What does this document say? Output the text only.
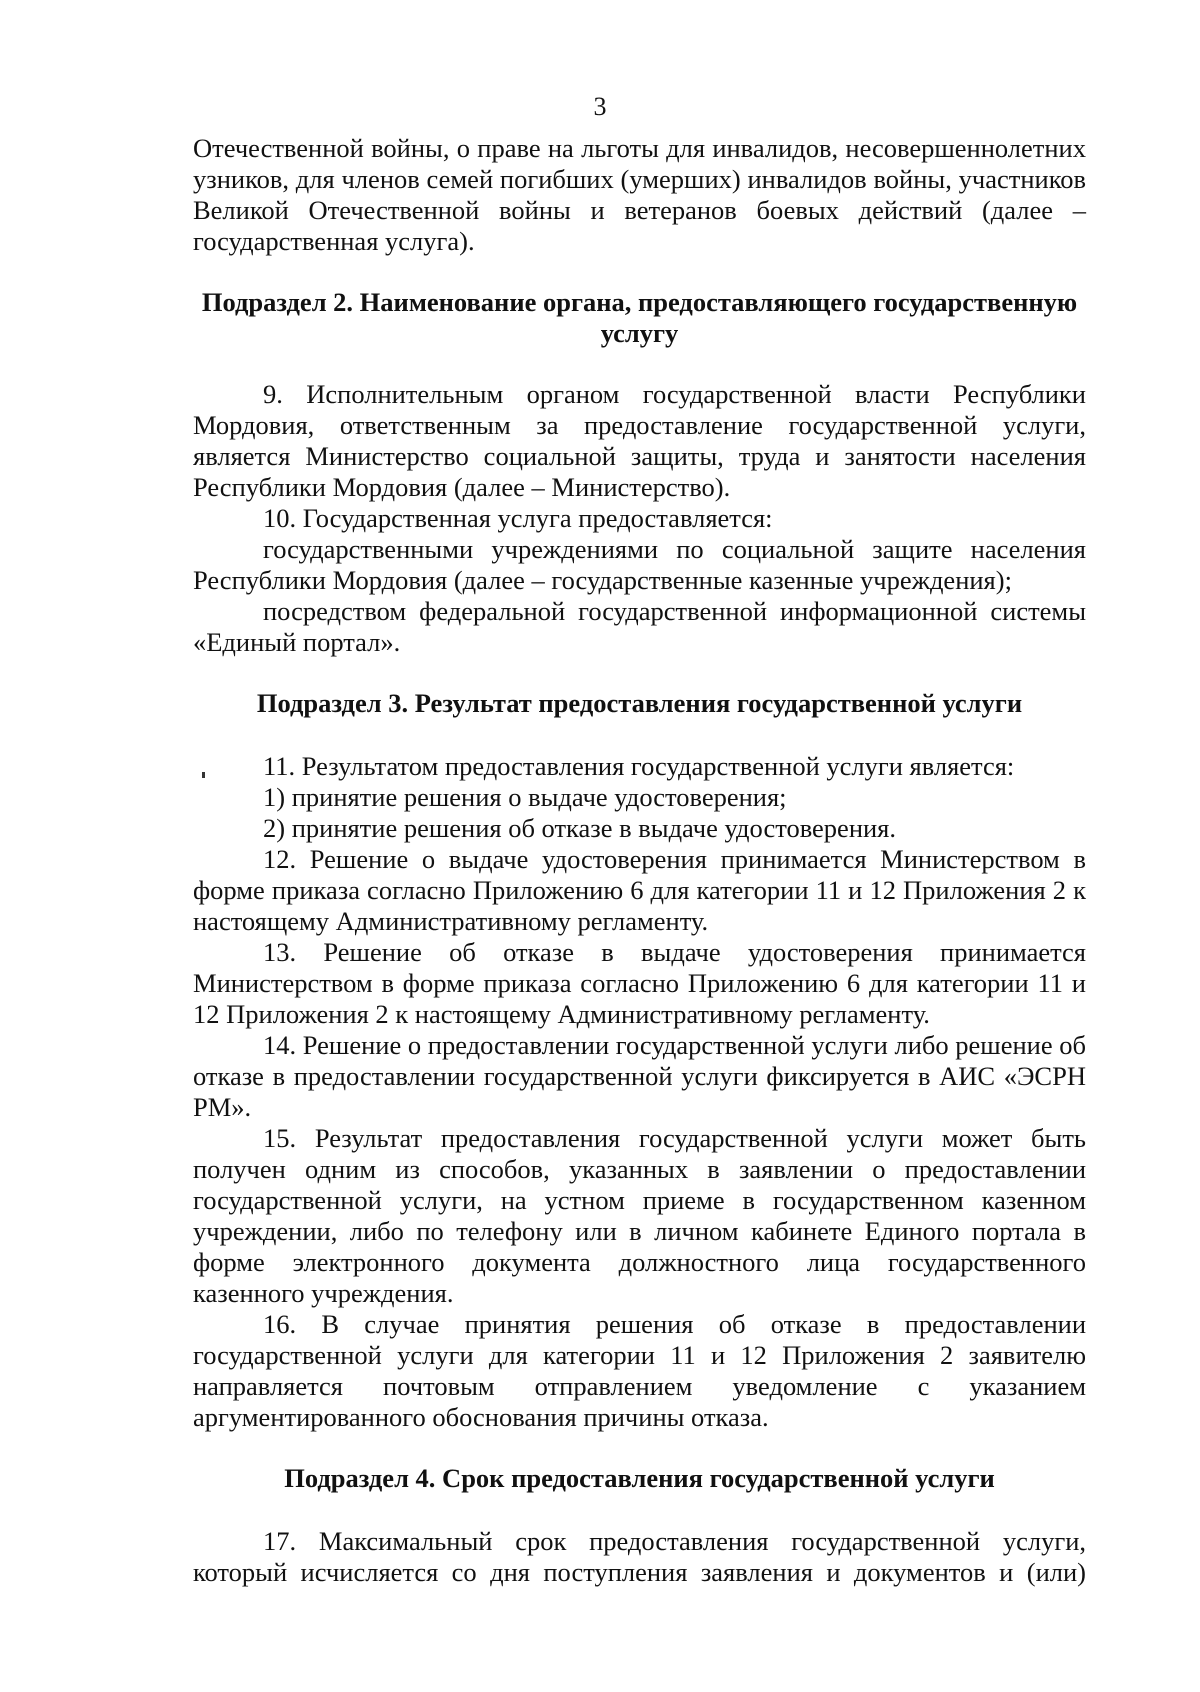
3

Отечественной войны, о праве на льготы для инвалидов, несовершеннолетних узников, для членов семей погибших (умерших) инвалидов войны, участников Великой Отечественной войны и ветеранов боевых действий (далее – государственная услуга).

Подраздел 2. Наименование органа, предоставляющего государственную услугу

9. Исполнительным органом государственной власти Республики Мордовия, ответственным за предоставление государственной услуги, является Министерство социальной защиты, труда и занятости населения Республики Мордовия (далее – Министерство).

10. Государственная услуга предоставляется:

государственными учреждениями по социальной защите населения Республики Мордовия (далее – государственные казенные учреждения);

посредством федеральной государственной информационной системы «Единый портал».

Подраздел 3. Результат предоставления государственной услуги

11. Результатом предоставления государственной услуги является:

1) принятие решения о выдаче удостоверения;

2) принятие решения об отказе в выдаче удостоверения.

12. Решение о выдаче удостоверения принимается Министерством в форме приказа согласно Приложению 6 для категории 11 и 12 Приложения 2 к настоящему Административному регламенту.

13. Решение об отказе в выдаче удостоверения принимается Министерством в форме приказа согласно Приложению 6 для категории 11 и 12 Приложения 2 к настоящему Административному регламенту.

14. Решение о предоставлении государственной услуги либо решение об отказе в предоставлении государственной услуги фиксируется в АИС «ЭСРН РМ».

15. Результат предоставления государственной услуги может быть получен одним из способов, указанных в заявлении о предоставлении государственной услуги, на устном приеме в государственном казенном учреждении, либо по телефону или в личном кабинете Единого портала в форме электронного документа должностного лица государственного казенного учреждения.

16. В случае принятия решения об отказе в предоставлении государственной услуги для категории 11 и 12 Приложения 2 заявителю направляется почтовым отправлением уведомление с указанием аргументированного обоснования причины отказа.

Подраздел 4. Срок предоставления государственной услуги

17. Максимальный срок предоставления государственной услуги, который исчисляется со дня поступления заявления и документов и (или)
